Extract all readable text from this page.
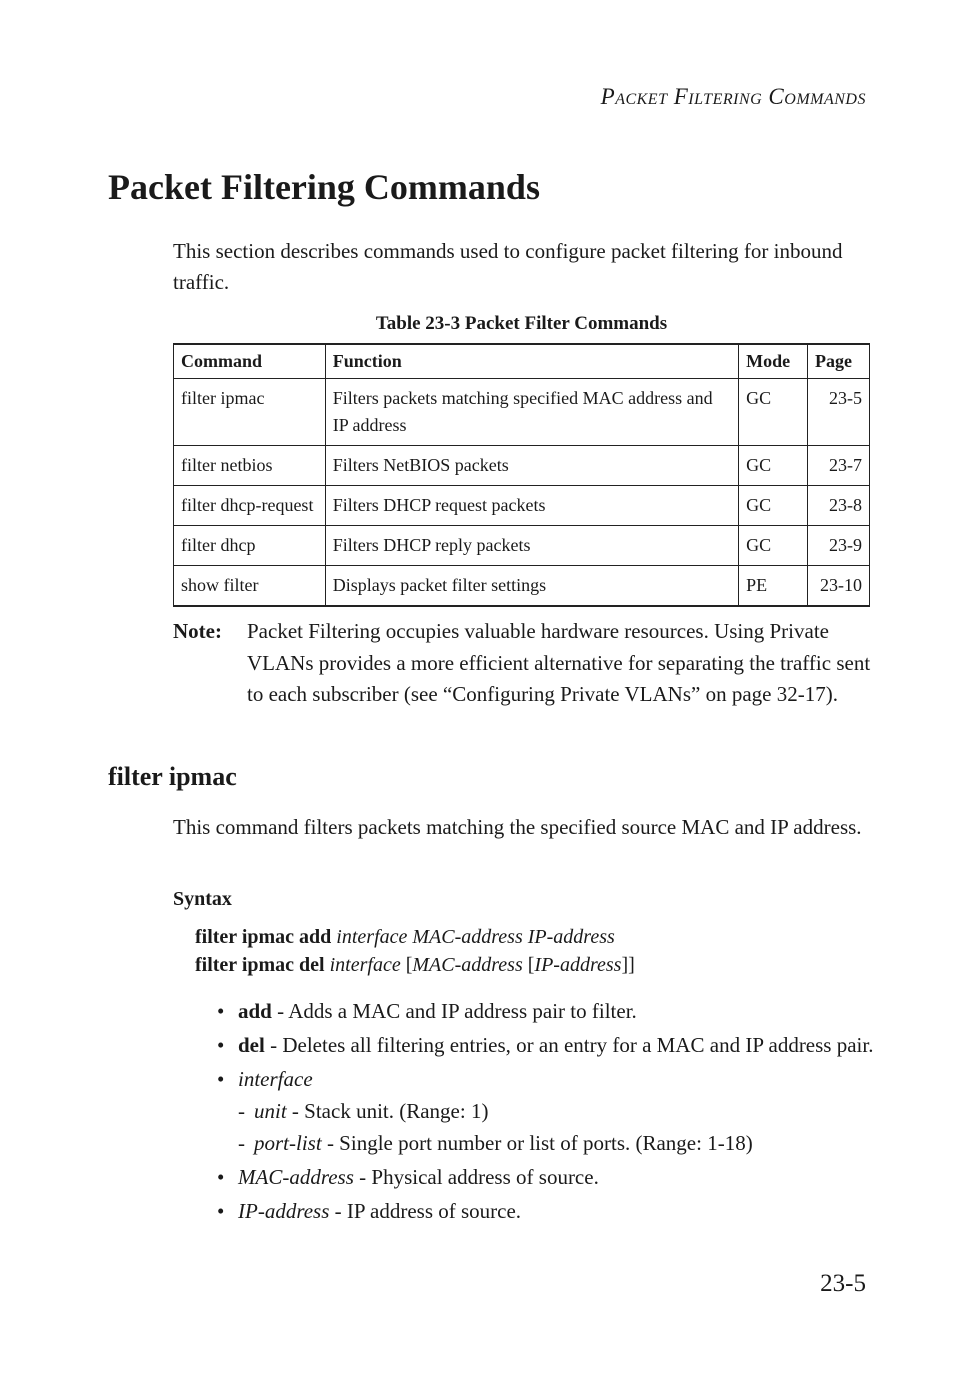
Packet Filtering Commands
Packet Filtering Commands

This section describes commands used to configure packet filtering for inbound traffic.

Table 23-3 Packet Filter Commands
Command	Function	Mode	Page
filter ipmac	Filters packets matching specified MAC address and IP address	GC	23-5
filter netbios	Filters NetBIOS packets	GC	23-7
filter dhcp-request	Filters DHCP request packets	GC	23-8
filter dhcp	Filters DHCP reply packets	GC	23-9
show filter	Displays packet filter settings	PE	23-10
Note: Packet Filtering occupies valuable hardware resources. Using Private VLANs provides a more efficient alternative for separating the traffic sent to each subscriber (see “Configuring Private VLANs” on page 32-17).
filter ipmac

This command filters packets matching the specified source MAC and IP address.

Syntax
filter ipmac add interface MAC-address IP-address
filter ipmac del interface [MAC-address [IP-address]]
• add - Adds a MAC and IP address pair to filter.
• del - Deletes all filtering entries, or an entry for a MAC and IP address pair.
• interface
- unit - Stack unit. (Range: 1)
- port-list - Single port number or list of ports. (Range: 1-18)
• MAC-address - Physical address of source.
• IP-address - IP address of source.
23-5
